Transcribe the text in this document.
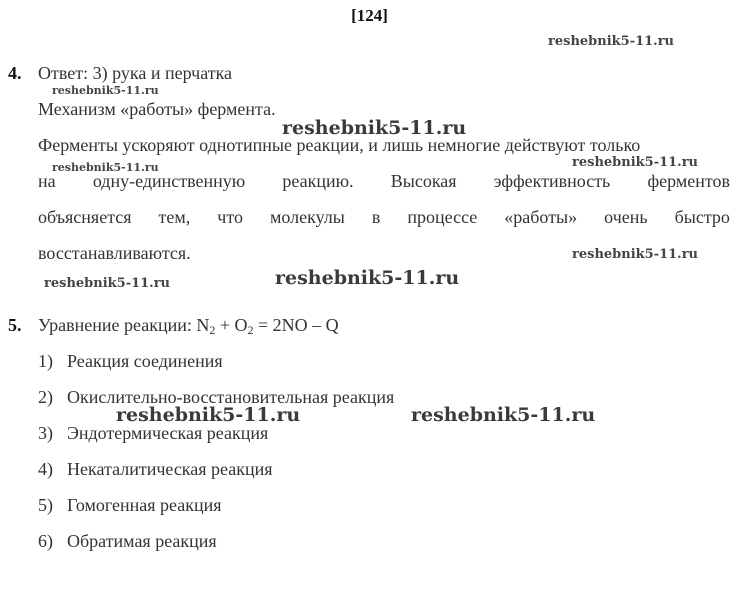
[124]
reshebnik5-11.ru
4. Ответ: 3) рука и перчатка
reshebnik5-11.ru
Механизм «работы» фермента.
reshebnik5-11.ru
Ферменты ускоряют однотипные реакции, и лишь немногие действуют только
reshebnik5-11.ru	reshebnik5-11.ru
на одну-единственную реакцию. Высокая эффективность ферментов
объясняется тем, что молекулы в процессе «работы» очень быстро
восстанавливаются.	reshebnik5-11.ru
reshebnik5-11.ru	reshebnik5-11.ru
5. Уравнение реакции: $N_2 + O_2 = 2NO - Q$
1) Реакция соединения
2) Окислительно-восстановительная реакция
reshebnik5-11.ru	reshebnik5-11.ru
3) Эндотермическая реакция
4) Некаталитическая реакция
5) Гомогенная реакция
6) Обратимая реакция
